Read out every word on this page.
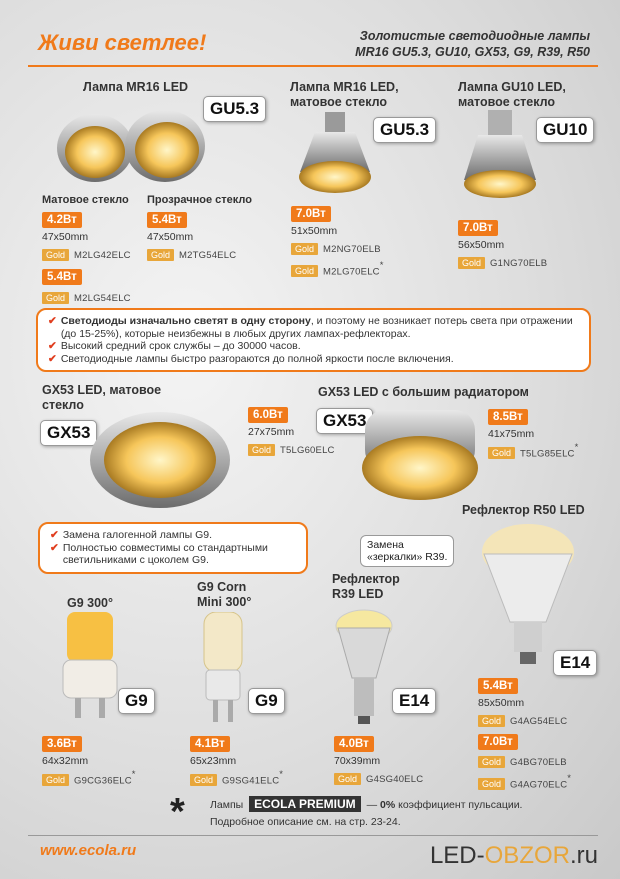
Живи светлее!	Золотистые светодиодные лампы
MR16 GU5.3, GU10, GX53, G9, R39, R50
Лампа MR16 LED
GU5.3
Матовое стекло Прозрачное стекло
4.2Вт
47x50mm
Gold M2LG42ELC
5.4Вт
Gold M2LG54ELC
5.4Вт
47x50mm
Gold M2TG54ELC
Лампа MR16 LED,
матовое стекло
GU5.3
7.0Вт
51x50mm
Gold M2NG70ELB
Gold M2LG70ELC*
Лампа GU10 LED,
матовое стекло
GU10
7.0Вт
56x50mm
Gold G1NG70ELB
✔ Светодиоды изначально светят в одну сторону, и поэтому не возникает потерь света при отражении (до 15-25%), которые неизбежны в любых других лампах-рефлекторах.
✔ Высокий средний срок службы – до 30000 часов.
✔ Светодиодные лампы быстро разгораются до полной яркости после включения.
GX53 LED, матовое
стекло
GX53
6.0Вт
27x75mm
Gold T5LG60ELC
GX53 LED с большим радиатором
GX53	8.5Вт
41x75mm
Gold T5LG85ELC*
✔ Замена галогенной лампы G9.
✔ Полностью совместимы со стандартными светильниками с цоколем G9.
Рефлектор R50 LED
Замена
«зеркалки» R39.
G9 300°
G9
3.6Вт
64x32mm
Gold G9CG36ELC*
G9 Corn
Mini 300°
G9
4.1Вт
65x23mm
Gold G9SG41ELC*
Рефлектор
R39 LED
E14
4.0Вт
70x39mm
Gold G4SG40ELC
E14
5.4Вт
85x50mm
Gold G4AG54ELC
7.0Вт
Gold G4BG70ELB
Gold G4AG70ELC*
* Лампы ECOLA PREMIUM — 0% коэффициент пульсации.
Подробное описание см. на стр. 23-24.
www.ecola.ru	LED-OBZOR.ru
